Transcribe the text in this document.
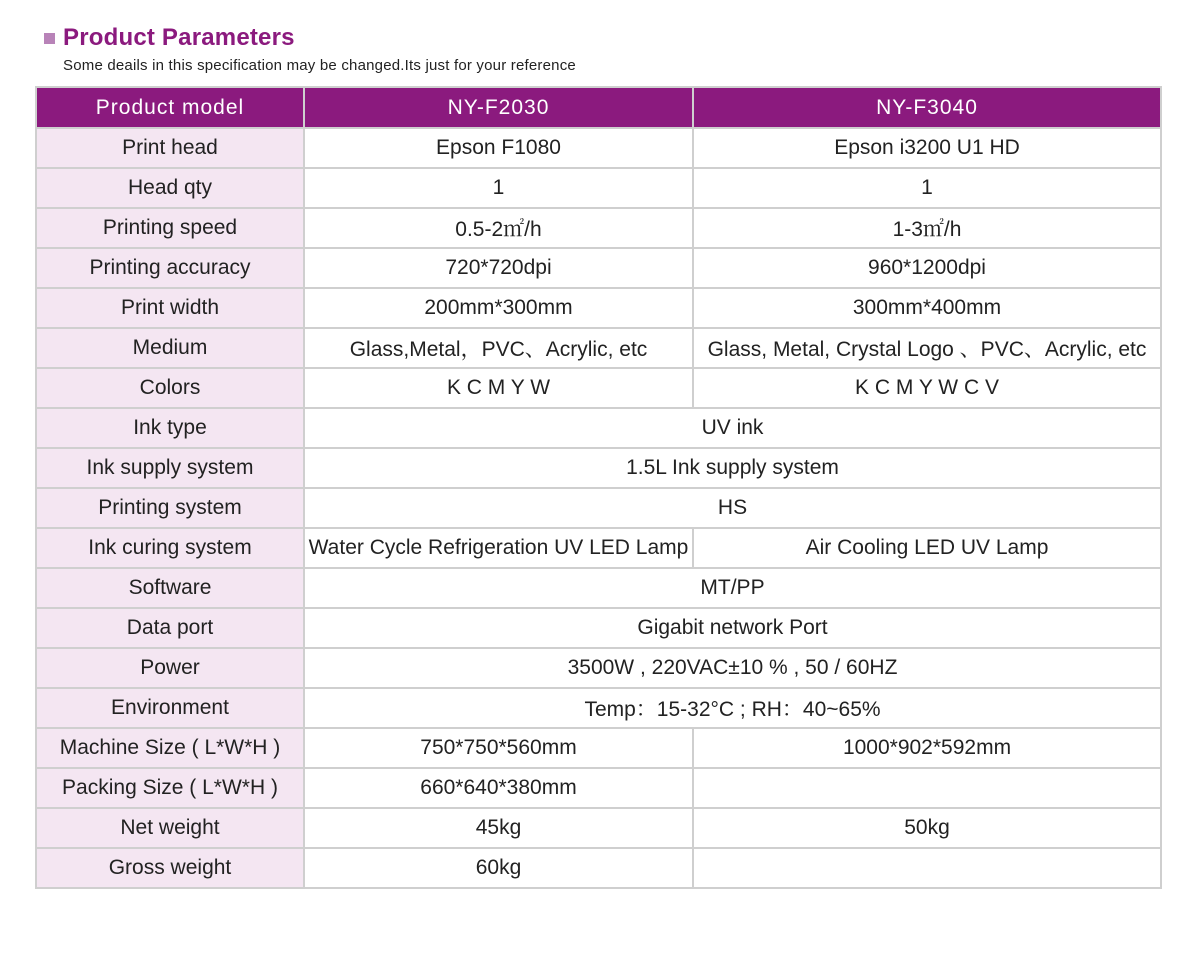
Product Parameters
Some deails in this specification may be changed.Its just for your reference
Product model	NY-F2030	NY-F3040
Print head	Epson F1080	Epson i3200 U1 HD
Head qty	1	1
Printing speed	0.5-2㎡/h	1-3㎡/h
Printing accuracy	720*720dpi	960*1200dpi
Print width	200mm*300mm	300mm*400mm
Medium	Glass,Metal，PVC、Acrylic, etc	Glass, Metal, Crystal Logo 、PVC、Acrylic, etc
Colors	K C M Y W	K C M Y W C V
Ink type	UV ink	
Ink supply system	1.5L Ink supply system	
Printing system	HS	
Ink curing system	Water Cycle Refrigeration UV LED Lamp	Air Cooling LED UV Lamp
Software	MT/PP	
Data port	Gigabit network Port	
Power	3500W , 220VAC±10 % , 50 / 60HZ	
Environment	Temp：15-32°C ; RH：40~65%	
Machine Size ( L*W*H )	750*750*560mm	1000*902*592mm
Packing Size ( L*W*H )	660*640*380mm	
Net weight	45kg	50kg
Gross weight	60kg	
